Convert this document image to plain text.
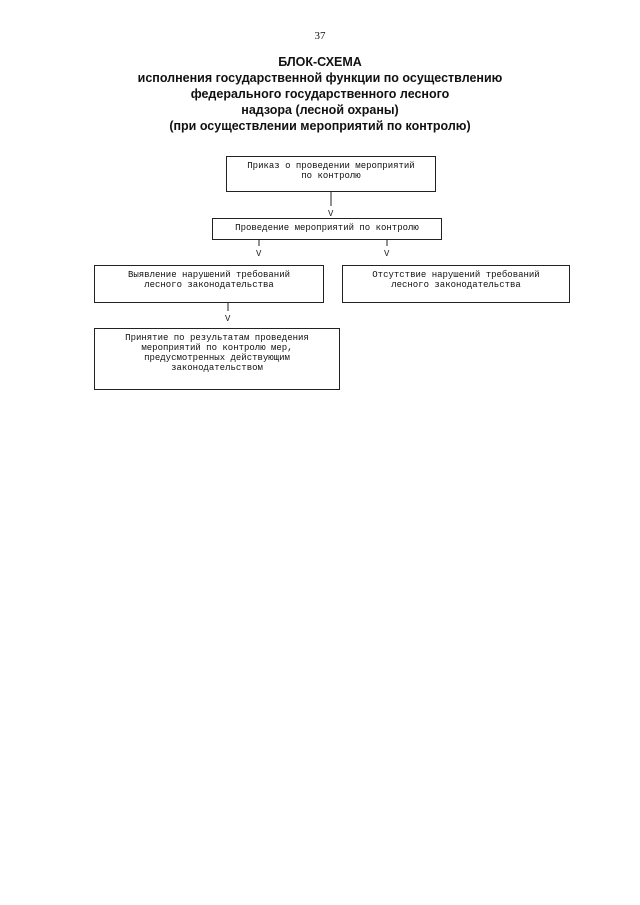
37
БЛОК-СХЕМА
исполнения государственной функции по осуществлению
федерального государственного лесного
надзора (лесной охраны)
(при осуществлении мероприятий по контролю)
Приказ о проведении мероприятий
по контролю
V
Проведение мероприятий по контролю
V	V
Выявление нарушений требований
лесного законодательства
Отсутствие нарушений требований
лесного законодательства
V
Принятие по результатам проведения
мероприятий по контролю мер,
предусмотренных действующим
законодательством
